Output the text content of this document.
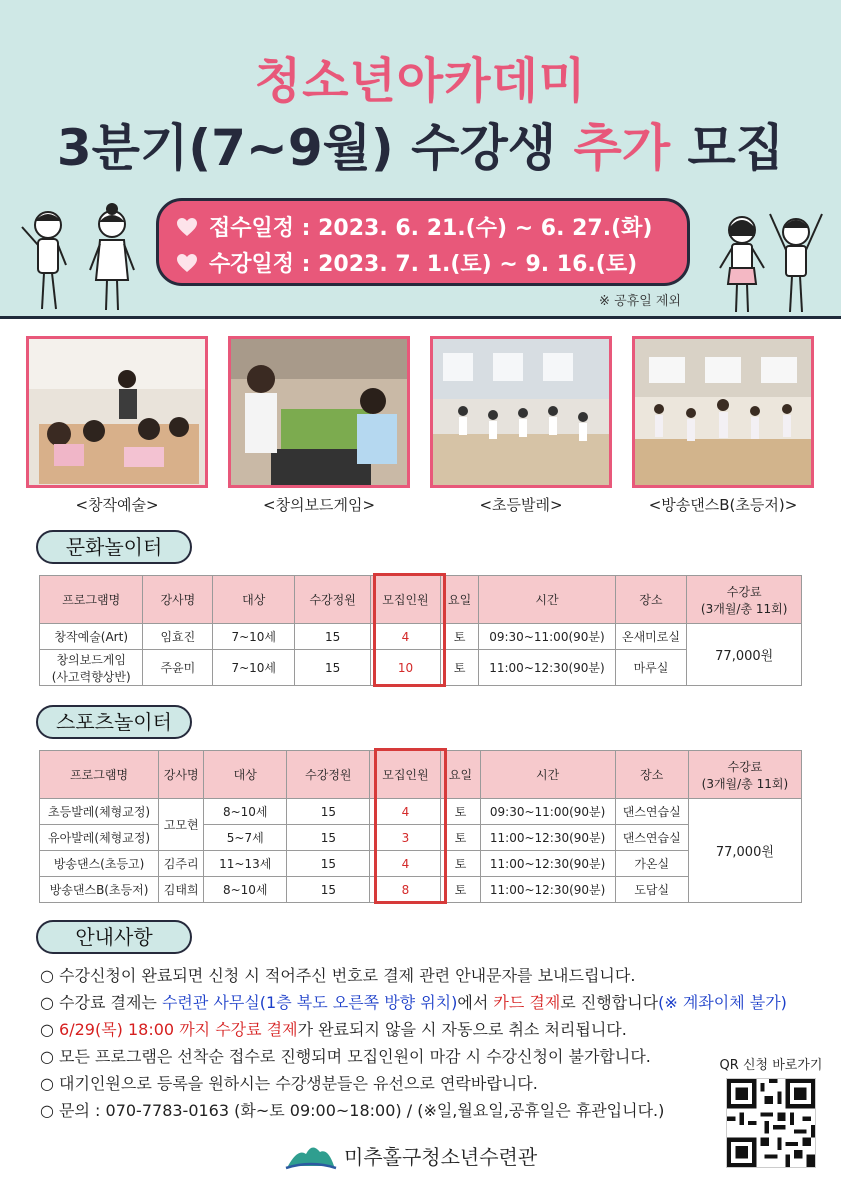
청소년아카데미
3분기(7~9월) 수강생 추가 모집
접수일정 : 2023. 6. 21.(수) ~ 6. 27.(화)
수강일정 : 2023. 7. 1.(토) ~ 9. 16.(토)
※ 공휴일 제외
<창작예술>	<창의보드게임>	<초등발레>	<방송댄스B(초등저)>
문화놀이터
프로그램명	강사명	대상	수강정원	모집인원	요일	시간	장소	수강료
(3개월/총 11회)

창작예술(Art)	임효진	7~10세	15	4	토	09:30~11:00(90분)	온새미로실	77,000원

창의보드게임
(사고력향상반)	주윤미	7~10세	15	10	토	11:00~12:30(90분)	마루실	
스포츠놀이터
프로그램명	강사명	대상	수강정원	모집인원	요일	시간	장소	수강료
(3개월/총 11회)

초등발레(체형교정)	고모현	8~10세	15	4	토	09:30~11:00(90분)	댄스연습실	77,000원
유아발레(체형교정)		5~7세	15	3	토	11:00~12:30(90분)	댄스연습실	
방송댄스(초등고)	김주리	11~13세	15	4	토	11:00~12:30(90분)	가온실	
방송댄스B(초등저)	김태희	8~10세	15	8	토	11:00~12:30(90분)	도담실	
안내사항
○ 수강신청이 완료되면 신청 시 적어주신 번호로 결제 관련 안내문자를 보내드립니다.
○ 수강료 결제는 수련관 사무실(1층 복도 오른쪽 방향 위치)에서 카드 결제로 진행합니다(※ 계좌이체 불가)
○ 6/29(목) 18:00 까지 수강료 결제가 완료되지 않을 시 자동으로 취소 처리됩니다.
○ 모든 프로그램은 선착순 접수로 진행되며 모집인원이 마감 시 수강신청이 불가합니다.
○ 대기인원으로 등록을 원하시는 수강생분들은 유선으로 연락바랍니다.
○ 문의 : 070-7783-0163 (화~토 09:00~18:00) / (※일,월요일,공휴일은 휴관입니다.)
QR 신청 바로가기
미추홀구청소년수련관
